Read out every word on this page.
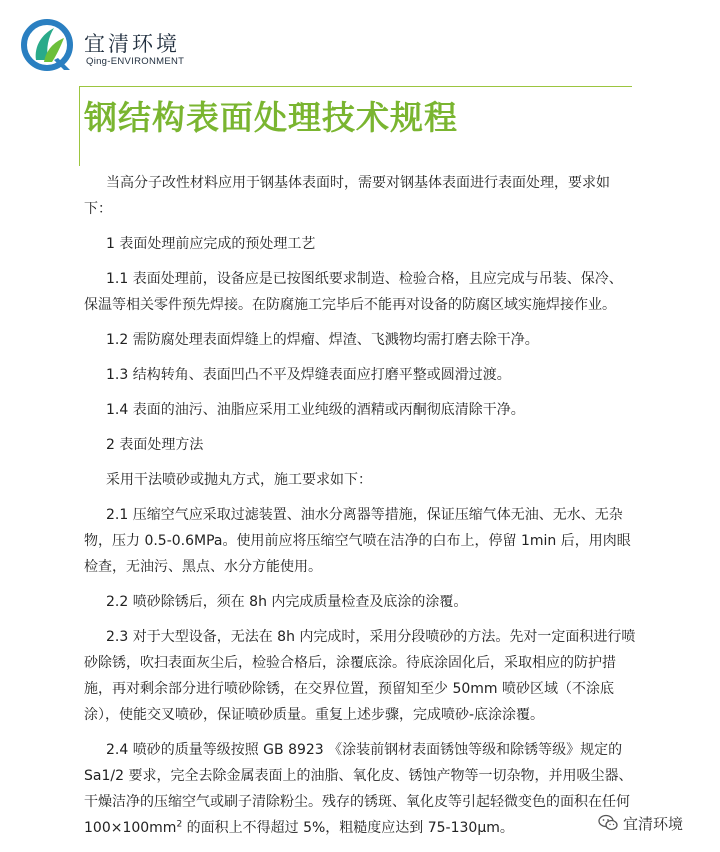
宜清环境
Qing-ENVIRONMENT
钢结构表面处理技术规程

当高分子改性材料应用于钢基体表面时，需要对钢基体表面进行表面处理，要求如下：

1 表面处理前应完成的预处理工艺

1.1 表面处理前，设备应是已按图纸要求制造、检验合格，且应完成与吊装、保冷、保温等相关零件预先焊接。在防腐施工完毕后不能再对设备的防腐区域实施焊接作业。

1.2 需防腐处理表面焊缝上的焊瘤、焊渣、飞溅物均需打磨去除干净。

1.3 结构转角、表面凹凸不平及焊缝表面应打磨平整或圆滑过渡。

1.4 表面的油污、油脂应采用工业纯级的酒精或丙酮彻底清除干净。

2 表面处理方法

采用干法喷砂或抛丸方式，施工要求如下：

2.1 压缩空气应采取过滤装置、油水分离器等措施，保证压缩气体无油、无水、无杂物，压力 0.5-0.6MPa。使用前应将压缩空气喷在洁净的白布上，停留 1min 后，用肉眼检查，无油污、黑点、水分方能使用。

2.2 喷砂除锈后，须在 8h 内完成质量检查及底涂的涂覆。

2.3 对于大型设备，无法在 8h 内完成时，采用分段喷砂的方法。先对一定面积进行喷砂除锈，吹扫表面灰尘后，检验合格后，涂覆底涂。待底涂固化后，采取相应的防护措施，再对剩余部分进行喷砂除锈，在交界位置，预留知至少 50mm 喷砂区域（不涂底涂），使能交叉喷砂，保证喷砂质量。重复上述步骤，完成喷砂-底涂涂覆。

2.4 喷砂的质量等级按照 GB 8923 《涂装前钢材表面锈蚀等级和除锈等级》规定的 Sa1/2 要求，完全去除金属表面上的油脂、氧化皮、锈蚀产物等一切杂物，并用吸尘器、干燥洁净的压缩空气或刷子清除粉尘。残存的锈斑、氧化皮等引起轻微变色的面积在任何 $100\times 100mm^2$ 的面积上不得超过 5%，粗糙度应达到 75-130μm。	宜清环境
